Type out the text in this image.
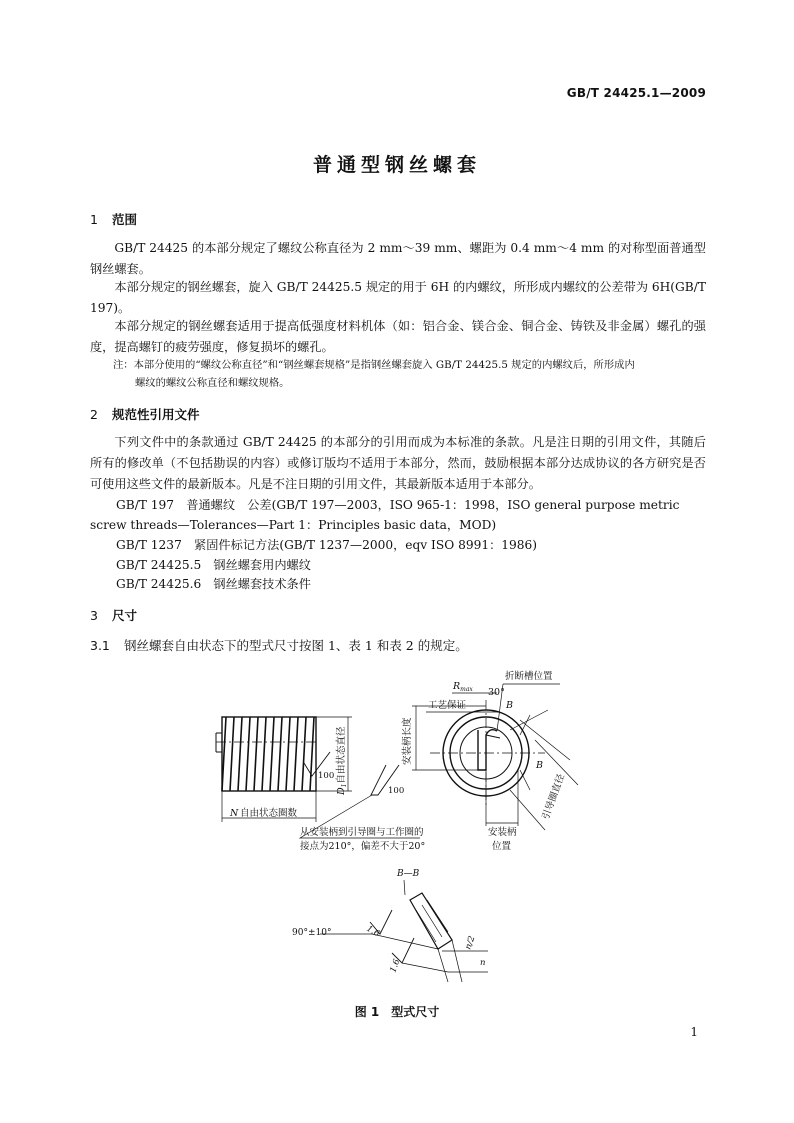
GB/T 24425.1—2009
普通型钢丝螺套
1 范围
GB/T 24425 的本部分规定了螺纹公称直径为 2 mm～39 mm、螺距为 0.4 mm～4 mm 的对称型面普通型钢丝螺套。
本部分规定的钢丝螺套，旋入 GB/T 24425.5 规定的用于 6H 的内螺纹，所形成内螺纹的公差带为 6H(GB/T 197)。
本部分规定的钢丝螺套适用于提高低强度材料机体（如：铝合金、镁合金、铜合金、铸铁及非金属）螺孔的强度，提高螺钉的疲劳强度，修复损坏的螺孔。
注：本部分使用的“螺纹公称直径”和“钢丝螺套规格”是指钢丝螺套旋入 GB/T 24425.5 规定的内螺纹后，所形成内
螺纹的螺纹公称直径和螺纹规格。
2 规范性引用文件
下列文件中的条款通过 GB/T 24425 的本部分的引用而成为本标准的条款。凡是注日期的引用文件，其随后所有的修改单（不包括勘误的内容）或修订版均不适用于本部分，然而，鼓励根据本部分达成协议的各方研究是否可使用这些文件的最新版本。凡是不注日期的引用文件，其最新版本适用于本部分。
GB/T 197　普通螺纹　公差(GB/T 197—2003，ISO 965-1：1998，ISO general purpose metric
screw threads—Tolerances—Part 1：Principles basic data，MOD)
GB/T 1237　紧固件标记方法(GB/T 1237—2000，eqv ISO 8991：1986)
GB/T 24425.5　钢丝螺套用内螺纹
GB/T 24425.6　钢丝螺套技术条件
3 尺寸
3.1 钢丝螺套自由状态下的型式尺寸按图 1、表 1 和表 2 的规定。
折断槽位置
$R_{max}$ 30°
工艺保证	B
B
安装柄长度
引导圈直径
$D_1$自由状态直径
100
100
N 自由状态圈数
从安装柄到引导圈与工作圈的
接点为210°，偏差不大于20°
安装柄
位置
B—B
90°±10°	1.6
1.6
n/2
n
图 1 型式尺寸
1
